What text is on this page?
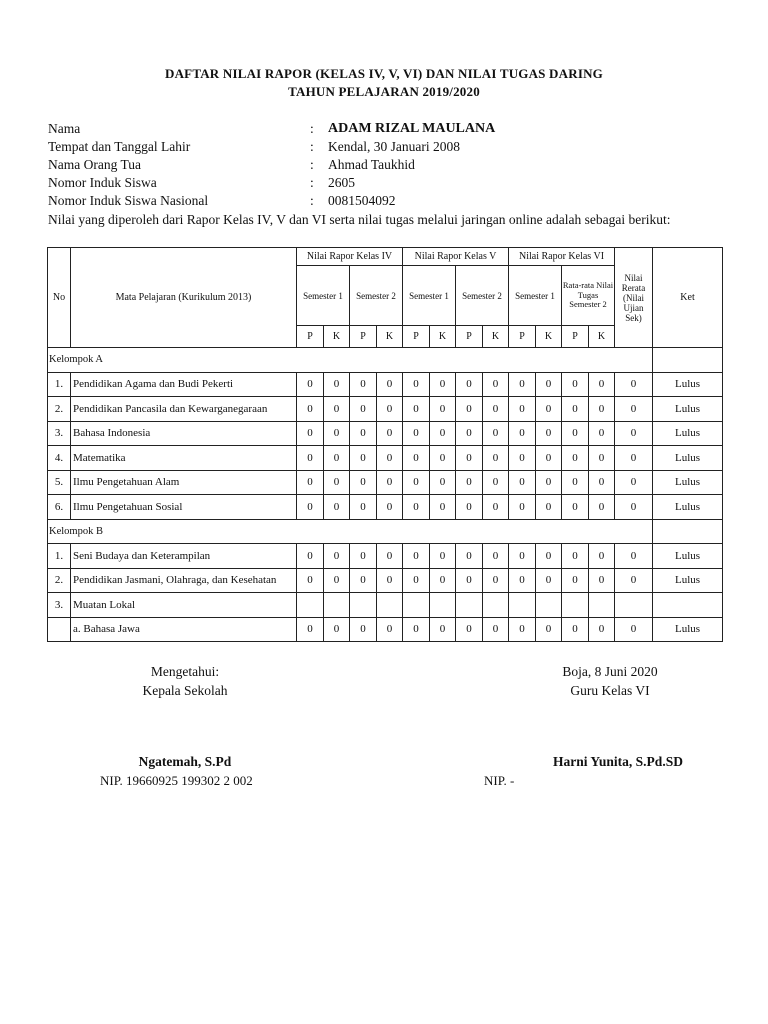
DAFTAR NILAI RAPOR (KELAS IV, V, VI) DAN NILAI TUGAS DARING
TAHUN PELAJARAN 2019/2020
Nama	: ADAM RIZAL MAULANA
Tempat dan Tanggal Lahir	: Kendal, 30 Januari 2008
Nama Orang Tua	: Ahmad Taukhid
Nomor Induk Siswa	: 2605
Nomor Induk Siswa Nasional	: 0081504092
Nilai yang diperoleh dari Rapor Kelas IV, V dan VI serta nilai tugas melalui jaringan online adalah sebagai berikut:
No	Mata Pelajaran (Kurikulum 2013)	Nilai Rapor Kelas IV				Nilai Rapor Kelas V				Nilai Rapor Kelas VI				Nilai Rerata (Nilai Ujian Sek)	Ket
		Semester 1		Semester 2		Semester 1		Semester 2		Semester 1		Rata-rata Nilai Tugas Semester 2			
		P	K	P	K	P	K	P	K	P	K	P	K		
Kelompok A															
1.	Pendidikan Agama dan Budi Pekerti	0	0	0	0	0	0	0	0	0	0	0	0	0	Lulus
2.	Pendidikan Pancasila dan Kewarganegaraan	0	0	0	0	0	0	0	0	0	0	0	0	0	Lulus
3.	Bahasa Indonesia	0	0	0	0	0	0	0	0	0	0	0	0	0	Lulus
4.	Matematika	0	0	0	0	0	0	0	0	0	0	0	0	0	Lulus
5.	Ilmu Pengetahuan Alam	0	0	0	0	0	0	0	0	0	0	0	0	0	Lulus
6.	Ilmu Pengetahuan Sosial	0	0	0	0	0	0	0	0	0	0	0	0	0	Lulus
Kelompok B															
1.	Seni Budaya dan Keterampilan	0	0	0	0	0	0	0	0	0	0	0	0	0	Lulus
2.	Pendidikan Jasmani, Olahraga, dan Kesehatan	0	0	0	0	0	0	0	0	0	0	0	0	0	Lulus
3.	Muatan Lokal														
	a. Bahasa Jawa	0	0	0	0	0	0	0	0	0	0	0	0	0	Lulus
Mengetahui:
Kepala Sekolah
Boja, 8 Juni 2020
Guru Kelas VI
Ngatemah, S.Pd
NIP. 19660925 199302 2 002
Harni Yunita, S.Pd.SD
NIP. -
